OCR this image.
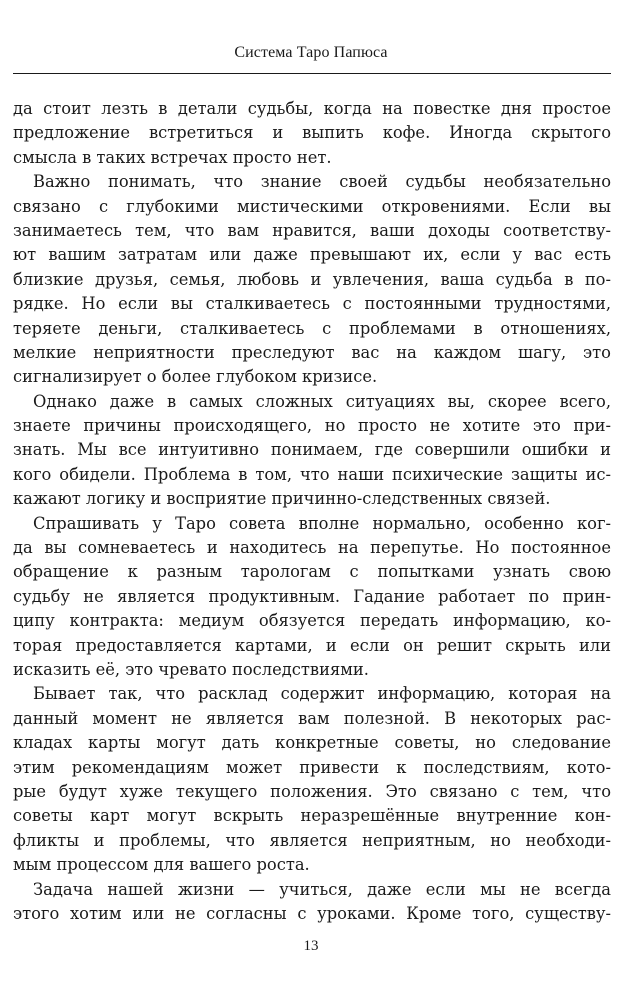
Система Таро Папюса
да стоит лезть в детали судьбы, когда на повестке дня простое
предложение встретиться и выпить кофе. Иногда скрытого
смысла в таких встречах просто нет.
Важно понимать, что знание своей судьбы необязательно
связано с глубокими мистическими откровениями. Если вы
занимаетесь тем, что вам нравится, ваши доходы соответству-
ют вашим затратам или даже превышают их, если у вас есть
близкие друзья, семья, любовь и увлечения, ваша судьба в по-
рядке. Но если вы сталкиваетесь с постоянными трудностями,
теряете деньги, сталкиваетесь с проблемами в отношениях,
мелкие неприятности преследуют вас на каждом шагу, это
сигнализирует о более глубоком кризисе.
Однако даже в самых сложных ситуациях вы, скорее всего,
знаете причины происходящего, но просто не хотите это при-
знать. Мы все интуитивно понимаем, где совершили ошибки и
кого обидели. Проблема в том, что наши психические защиты ис-
кажают логику и восприятие причинно-следственных связей.
Спрашивать у Таро совета вполне нормально, особенно ког-
да вы сомневаетесь и находитесь на перепутье. Но постоянное
обращение к разным тарологам с попытками узнать свою
судьбу не является продуктивным. Гадание работает по прин-
ципу контракта: медиум обязуется передать информацию, ко-
торая предоставляется картами, и если он решит скрыть или
исказить её, это чревато последствиями.
Бывает так, что расклад содержит информацию, которая на
данный момент не является вам полезной. В некоторых рас-
кладах карты могут дать конкретные советы, но следование
этим рекомендациям может привести к последствиям, кото-
рые будут хуже текущего положения. Это связано с тем, что
советы карт могут вскрыть неразрешённые внутренние кон-
фликты и проблемы, что является неприятным, но необходи-
мым процессом для вашего роста.
Задача нашей жизни — учиться, даже если мы не всегда
этого хотим или не согласны с уроками. Кроме того, существу-
13
